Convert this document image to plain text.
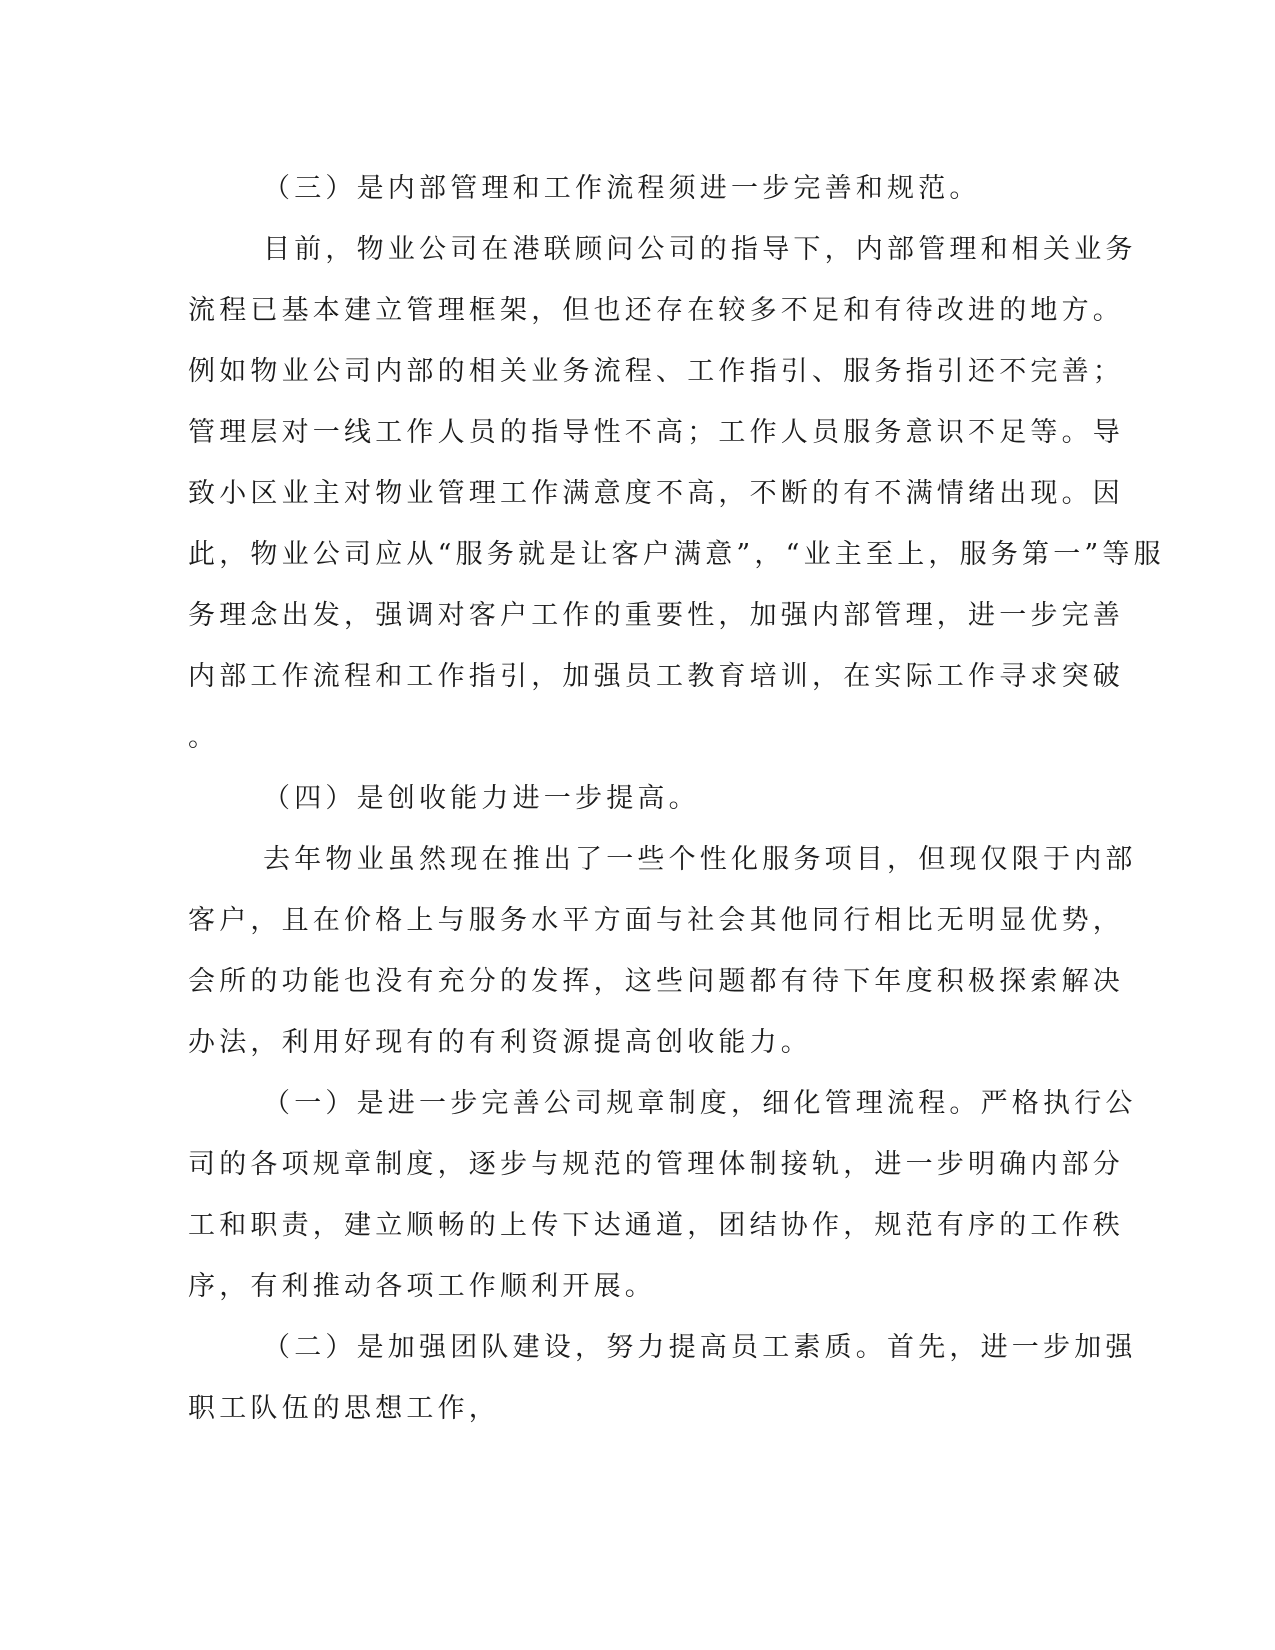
（三）是内部管理和工作流程须进一步完善和规范。
目前，物业公司在港联顾问公司的指导下，内部管理和相关业务
流程已基本建立管理框架，但也还存在较多不足和有待改进的地方。
例如物业公司内部的相关业务流程、工作指引、服务指引还不完善；
管理层对一线工作人员的指导性不高；工作人员服务意识不足等。导
致小区业主对物业管理工作满意度不高，不断的有不满情绪出现。因
此，物业公司应从“服务就是让客户满意”，“业主至上，服务第一”等服
务理念出发，强调对客户工作的重要性，加强内部管理，进一步完善
内部工作流程和工作指引，加强员工教育培训，在实际工作寻求突破
。
（四）是创收能力进一步提高。
去年物业虽然现在推出了一些个性化服务项目，但现仅限于内部
客户，且在价格上与服务水平方面与社会其他同行相比无明显优势，
会所的功能也没有充分的发挥，这些问题都有待下年度积极探索解决
办法，利用好现有的有利资源提高创收能力。
（一）是进一步完善公司规章制度，细化管理流程。严格执行公
司的各项规章制度，逐步与规范的管理体制接轨，进一步明确内部分
工和职责，建立顺畅的上传下达通道，团结协作，规范有序的工作秩
序，有利推动各项工作顺利开展。
（二）是加强团队建设，努力提高员工素质。首先，进一步加强
职工队伍的思想工作，
